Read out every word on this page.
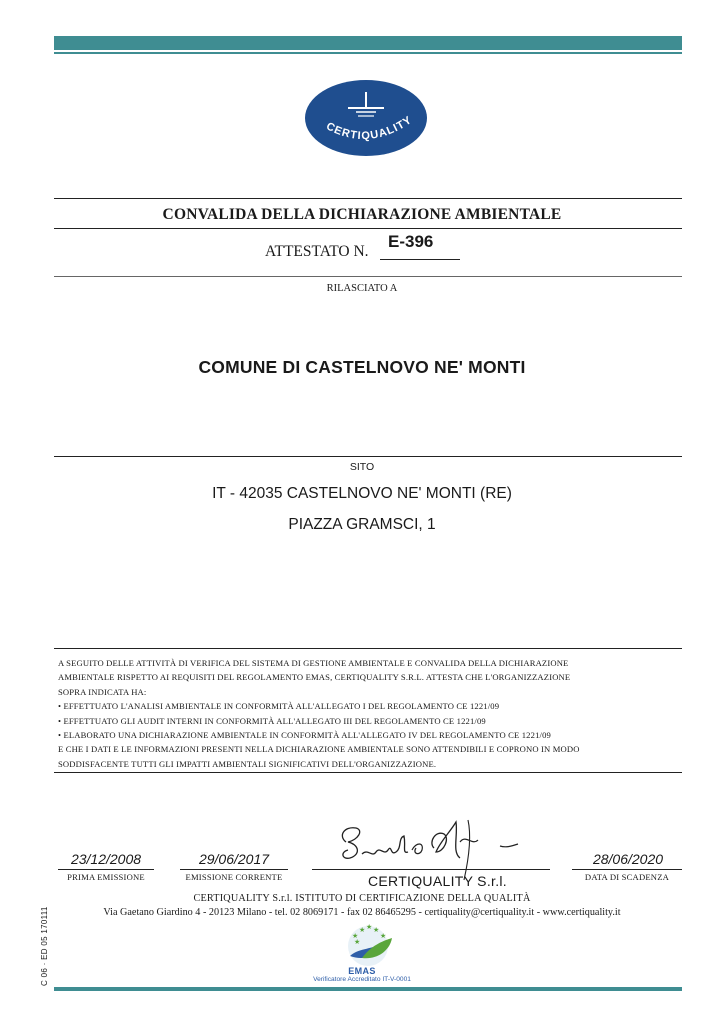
CERTIQUALITY
CONVALIDA DELLA DICHIARAZIONE AMBIENTALE
ATTESTATO N.
E-396
RILASCIATO A
COMUNE DI CASTELNOVO NE' MONTI
SITO
IT - 42035 CASTELNOVO NE' MONTI (RE)
PIAZZA GRAMSCI, 1
A SEGUITO DELLE ATTIVITÀ DI VERIFICA DEL SISTEMA DI GESTIONE AMBIENTALE E CONVALIDA DELLA DICHIARAZIONE
AMBIENTALE RISPETTO AI REQUISITI DEL REGOLAMENTO EMAS, CERTIQUALITY S.R.L. ATTESTA CHE L'ORGANIZZAZIONE
SOPRA INDICATA HA:
• EFFETTUATO L'ANALISI AMBIENTALE IN CONFORMITÀ ALL'ALLEGATO I DEL REGOLAMENTO CE 1221/09
• EFFETTUATO GLI AUDIT INTERNI IN CONFORMITÀ ALL'ALLEGATO III DEL REGOLAMENTO CE 1221/09
• ELABORATO UNA DICHIARAZIONE AMBIENTALE IN CONFORMITÀ ALL'ALLEGATO IV DEL REGOLAMENTO CE 1221/09
E CHE I DATI E LE INFORMAZIONI PRESENTI NELLA DICHIARAZIONE AMBIENTALE SONO ATTENDIBILI E COPRONO IN MODO
SODDISFACENTE TUTTI GLI IMPATTI AMBIENTALI SIGNIFICATIVI DELL'ORGANIZZAZIONE.
23/12/2008
PRIMA EMISSIONE
29/06/2017
EMISSIONE CORRENTE	CERTIQUALITY S.r.l.
28/06/2020
DATA DI SCADENZA
CERTIQUALITY S.r.l. ISTITUTO DI CERTIFICAZIONE DELLA QUALITÀ
Via Gaetano Giardino 4 - 20123 Milano - tel. 02 8069171 - fax 02 86465295 - certiquality@certiquality.it - www.certiquality.it
★
★ ★ ★
★
★
EMAS
Verificatore Accreditato IT-V-0001
C 06 · ED 05 170111
